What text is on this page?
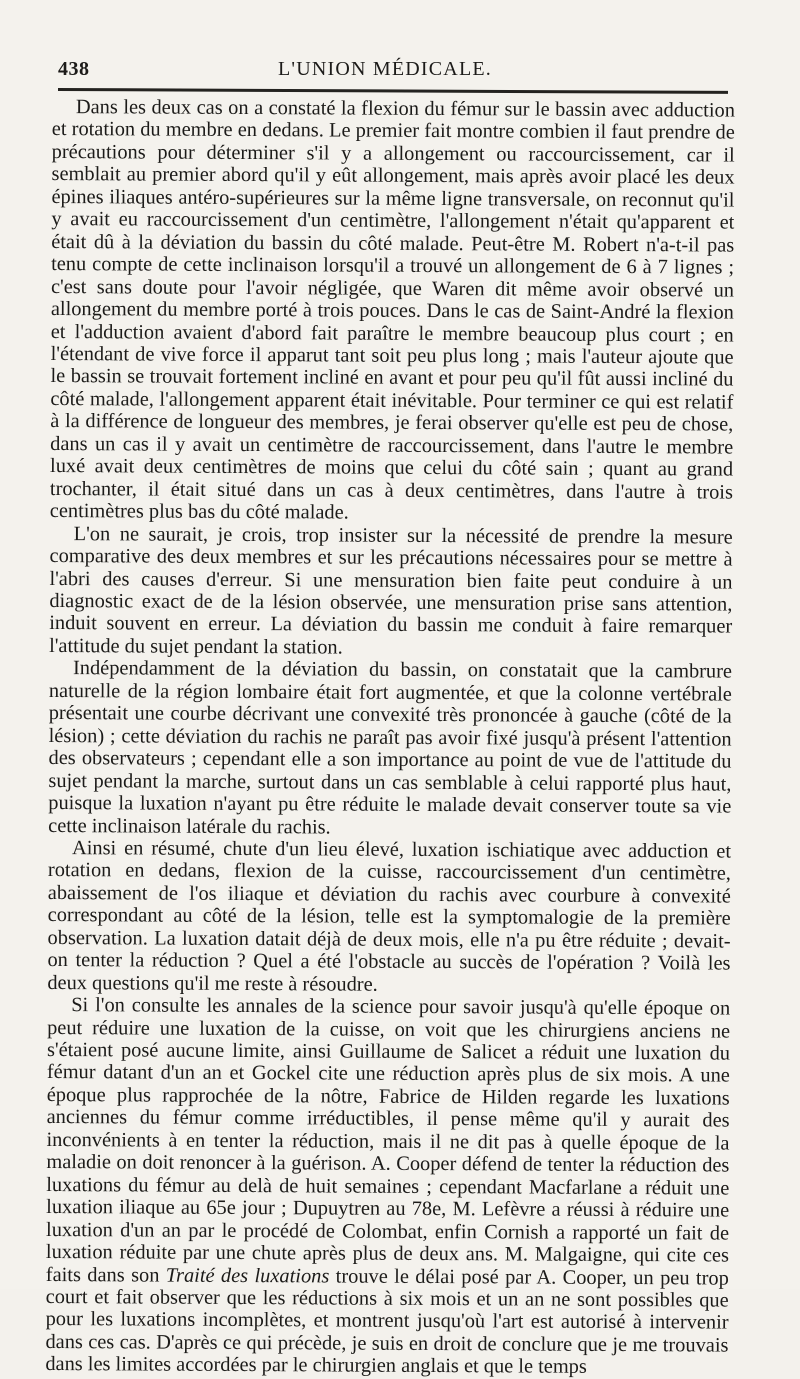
438	L'UNION MÉDICALE.

Dans les deux cas on a constaté la flexion du fémur sur le bassin avec adduction et rotation du membre en dedans. Le premier fait montre combien il faut prendre de précautions pour déterminer s'il y a allongement ou raccourcissement, car il semblait au premier abord qu'il y eût allongement, mais après avoir placé les deux épines iliaques antéro-supérieures sur la même ligne transversale, on reconnut qu'il y avait eu raccourcissement d'un centimètre, l'allongement n'était qu'apparent et était dû à la déviation du bassin du côté malade. Peut-être M. Robert n'a-t-il pas tenu compte de cette inclinaison lorsqu'il a trouvé un allongement de 6 à 7 lignes ; c'est sans doute pour l'avoir négligée, que Waren dit même avoir observé un allongement du membre porté à trois pouces. Dans le cas de Saint-André la flexion et l'adduction avaient d'abord fait paraître le membre beaucoup plus court ; en l'étendant de vive force il apparut tant soit peu plus long ; mais l'auteur ajoute que le bassin se trouvait fortement incliné en avant et pour peu qu'il fût aussi incliné du côté malade, l'allongement apparent était inévitable. Pour terminer ce qui est relatif à la différence de longueur des membres, je ferai observer qu'elle est peu de chose, dans un cas il y avait un centimètre de raccourcissement, dans l'autre le membre luxé avait deux centimètres de moins que celui du côté sain ; quant au grand trochanter, il était situé dans un cas à deux centimètres, dans l'autre à trois centimètres plus bas du côté malade.

L'on ne saurait, je crois, trop insister sur la nécessité de prendre la mesure comparative des deux membres et sur les précautions nécessaires pour se mettre à l'abri des causes d'erreur. Si une mensuration bien faite peut conduire à un diagnostic exact de de la lésion observée, une mensuration prise sans attention, induit souvent en erreur. La déviation du bassin me conduit à faire remarquer l'attitude du sujet pendant la station.

Indépendamment de la déviation du bassin, on constatait que la cambrure naturelle de la région lombaire était fort augmentée, et que la colonne vertébrale présentait une courbe décrivant une convexité très prononcée à gauche (côté de la lésion) ; cette déviation du rachis ne paraît pas avoir fixé jusqu'à présent l'attention des observateurs ; cependant elle a son importance au point de vue de l'attitude du sujet pendant la marche, surtout dans un cas semblable à celui rapporté plus haut, puisque la luxation n'ayant pu être réduite le malade devait conserver toute sa vie cette inclinaison latérale du rachis.

Ainsi en résumé, chute d'un lieu élevé, luxation ischiatique avec adduction et rotation en dedans, flexion de la cuisse, raccourcissement d'un centimètre, abaissement de l'os iliaque et déviation du rachis avec courbure à convexité correspondant au côté de la lésion, telle est la symptomalogie de la première observation. La luxation datait déjà de deux mois, elle n'a pu être réduite ; devait-on tenter la réduction ? Quel a été l'obstacle au succès de l'opération ? Voilà les deux questions qu'il me reste à résoudre.

Si l'on consulte les annales de la science pour savoir jusqu'à qu'elle époque on peut réduire une luxation de la cuisse, on voit que les chirurgiens anciens ne s'étaient posé aucune limite, ainsi Guillaume de Salicet a réduit une luxation du fémur datant d'un an et Gockel cite une réduction après plus de six mois. A une époque plus rapprochée de la nôtre, Fabrice de Hilden regarde les luxations anciennes du fémur comme irréductibles, il pense même qu'il y aurait des inconvénients à en tenter la réduction, mais il ne dit pas à quelle époque de la maladie on doit renoncer à la guérison. A. Cooper défend de tenter la réduction des luxations du fémur au delà de huit semaines ; cependant Macfarlane a réduit une luxation iliaque au 65e jour ; Dupuytren au 78e, M. Lefèvre a réussi à réduire une luxation d'un an par le procédé de Colombat, enfin Cornish a rapporté un fait de luxation réduite par une chute après plus de deux ans. M. Malgaigne, qui cite ces faits dans son Traité des luxations trouve le délai posé par A. Cooper, un peu trop court et fait observer que les réductions à six mois et un an ne sont possibles que pour les luxations incomplètes, et montrent jusqu'où l'art est autorisé à intervenir dans ces cas. D'après ce qui précède, je suis en droit de conclure que je me trouvais dans les limites accordées par le chirurgien anglais et que le temps
